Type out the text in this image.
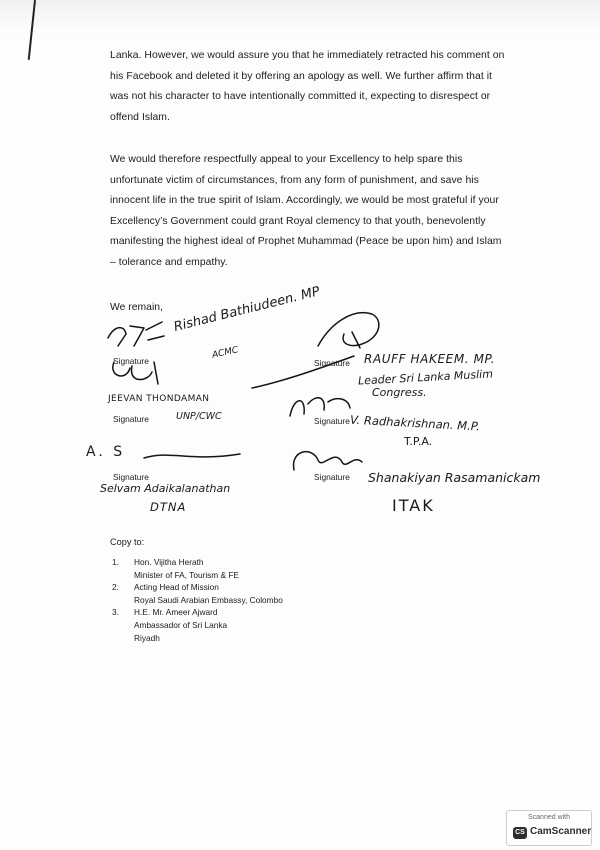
Lanka. However, we would assure you that he immediately retracted his comment on
his Facebook and deleted it by offering an apology as well. We further affirm that it
was not his character to have intentionally committed it, expecting to disrespect or
offend Islam.

We would therefore respectfully appeal to your Excellency to help spare this
unfortunate victim of circumstances, from any form of punishment, and save his
innocent life in the true spirit of Islam. Accordingly, we would be most grateful if your
Excellency’s Government could grant Royal clemency to that youth, benevolently
manifesting the highest ideal of Prophet Muhammad (Peace be upon him) and Islam
– tolerance and empathy.

We remain,
Signature	Signature
Signature	Signature
Signature	Signature
Rishad Bathiudeen. MP
ACMC	RAUFF HAKEEM. MP.
Leader Sri Lanka Muslim
Congress.
JEEVAN THONDAMAN
UNP/CWC	V. Radhakrishnan. M.P.
T.P.A.
A. S
Selvam Adaikalanathan
DTNA
Shanakiyan Rasamanickam
ITAK
Copy to:
1. Hon. Vijitha Herath
Minister of FA, Tourism & FE
2. Acting Head of Mission
Royal Saudi Arabian Embassy, Colombo
3. H.E. Mr. Ameer Ajward
Ambassador of Sri Lanka
Riyadh
Scanned with
CS CamScanner
